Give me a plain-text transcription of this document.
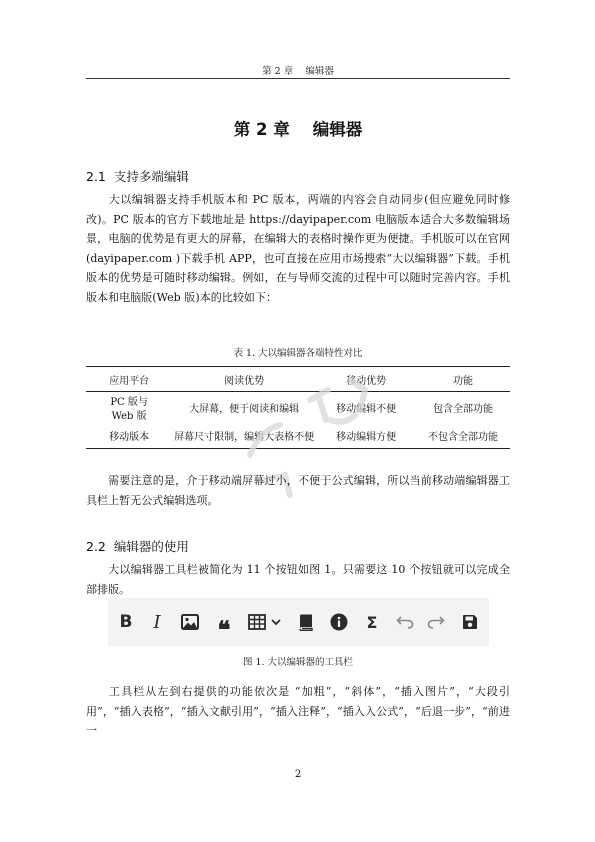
第 2 章    编辑器
第 2 章    编辑器
2.1  支持多端编辑
大以编辑器支持手机版本和 PC 版本，两端的内容会自动同步(但应避免同时修改)。PC 版本的官方下载地址是 https://dayipaper.com 电脑版本适合大多数编辑场景，电脑的优势是有更大的屏幕，在编辑大的表格时操作更为便捷。手机版可以在官网(dayipaper.com )下载手机 APP，也可直接在应用市场搜索“大以编辑器”下载。手机版本的优势是可随时移动编辑。例如，在与导师交流的过程中可以随时完善内容。手机版本和电脑版(Web 版)本的比较如下：
表 1. 大以编辑器各端特性对比
应用平台	阅读优势	移动优势	功能
PC 版与 Web 版	大屏幕，便于阅读和编辑	移动编辑不便	包含全部功能
移动版本	屏幕尺寸限制，编辑大表格不便	移动编辑方便	不包含全部功能
需要注意的是，介于移动端屏幕过小，不便于公式编辑，所以当前移动端编辑器工具栏上暂无公式编辑选项。
2.2  编辑器的使用
大以编辑器工具栏被简化为 11 个按钮如图 1。只需要这 10 个按钮就可以完成全部排版。
B I ❝	Σ
图 1. 大以编辑器的工具栏
工具栏从左到右提供的功能依次是 “加粗”，“斜体”，“插入图片”，“大段引用”，“插入表格”，“插入文献引用”，“插入注释”，“插入入公式”，“后退一步”，“前进一
2
